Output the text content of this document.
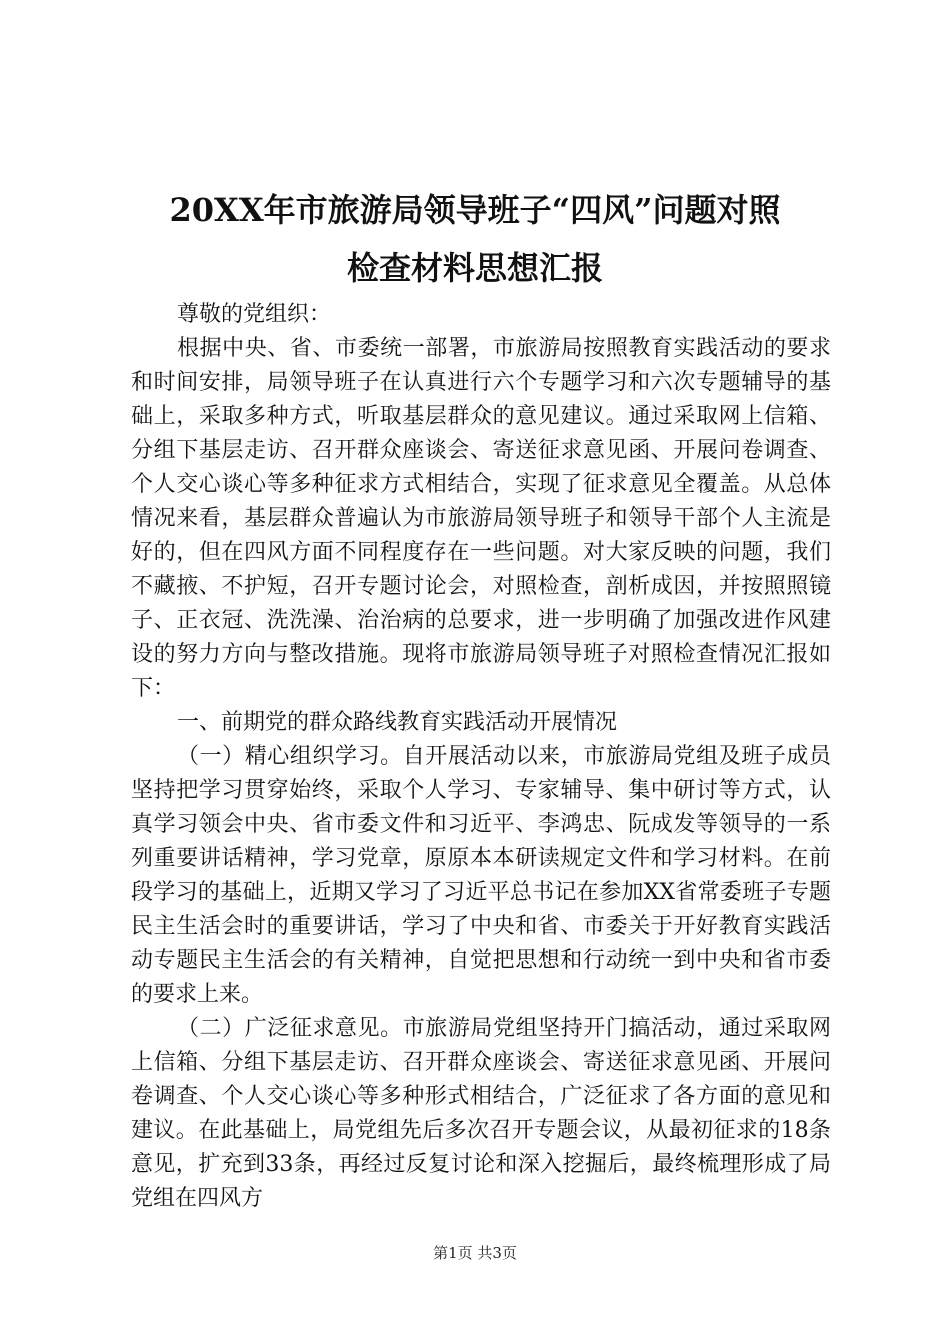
20XX年市旅游局领导班子“四风”问题对照
检查材料思想汇报

尊敬的党组织：

根据中央、省、市委统一部署，市旅游局按照教育实践活动的要求和时间安排，局领导班子在认真进行六个专题学习和六次专题辅导的基础上，采取多种方式，听取基层群众的意见建议。通过采取网上信箱、分组下基层走访、召开群众座谈会、寄送征求意见函、开展问卷调查、个人交心谈心等多种征求方式相结合，实现了征求意见全覆盖。从总体情况来看，基层群众普遍认为市旅游局领导班子和领导干部个人主流是好的，但在四风方面不同程度存在一些问题。对大家反映的问题，我们不藏掖、不护短，召开专题讨论会，对照检查，剖析成因，并按照照镜子、正衣冠、洗洗澡、治治病的总要求，进一步明确了加强改进作风建设的努力方向与整改措施。现将市旅游局领导班子对照检查情况汇报如下：

一、前期党的群众路线教育实践活动开展情况

（一）精心组织学习。自开展活动以来，市旅游局党组及班子成员坚持把学习贯穿始终，采取个人学习、专家辅导、集中研讨等方式，认真学习领会中央、省市委文件和习近平、李鸿忠、阮成发等领导的一系列重要讲话精神，学习党章，原原本本研读规定文件和学习材料。在前段学习的基础上，近期又学习了习近平总书记在参加XX省常委班子专题民主生活会时的重要讲话，学习了中央和省、市委关于开好教育实践活动专题民主生活会的有关精神，自觉把思想和行动统一到中央和省市委的要求上来。

（二）广泛征求意见。市旅游局党组坚持开门搞活动，通过采取网上信箱、分组下基层走访、召开群众座谈会、寄送征求意见函、开展问卷调查、个人交心谈心等多种形式相结合，广泛征求了各方面的意见和建议。在此基础上，局党组先后多次召开专题会议，从最初征求的18条意见，扩充到33条，再经过反复讨论和深入挖掘后，最终梳理形成了局党组在四风方

第1页 共3页
